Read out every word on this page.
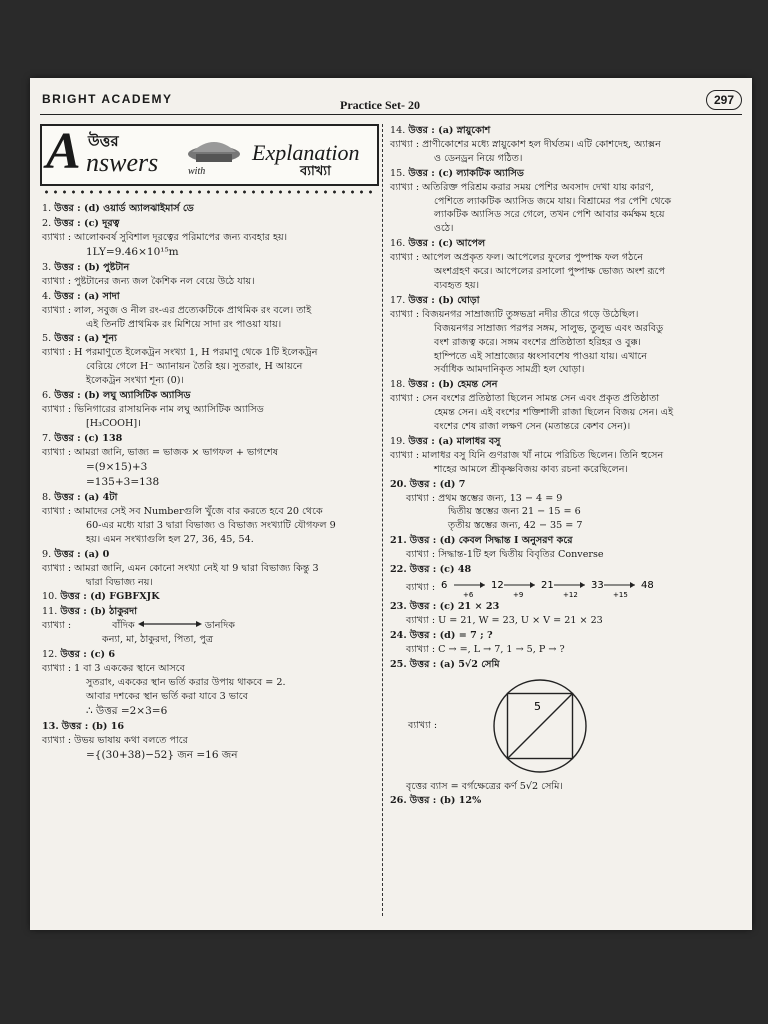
BRIGHT ACADEMY	Practice Set- 20	297
A উত্তর
nswers	with
Explanation
ব্যাখ্যা
1. উত্তর : (d) ওয়ার্ড অ্যালঝাইমার্স ডে
2. উত্তর : (c) দূরত্ব
ব্যাখ্যা : আলোকবর্ষ সুবিশাল দূরত্বের পরিমাপের জন্য ব্যবহার হয়।
1LY=9.46×10¹⁵m
3. উত্তর : (b) পুষ্টটান
ব্যাখ্যা : পুষ্টটানের জন্য জল কৈশিক নল বেয়ে উঠে যায়।
4. উত্তর : (a) সাদা
ব্যাখ্যা : লাল, সবুজ ও নীল রং-এর প্রত্যেকটিকে প্রাথমিক রং বলে। তাই
এই তিনটি প্রাথমিক রং মিশিয়ে সাদা রং পাওয়া যায়।
5. উত্তর : (a) শূন্য
ব্যাখ্যা : H পরমাণুতে ইলেকট্রন সংখ্যা 1, H পরমাণু থেকে 1টি ইলেকট্রন
বেরিয়ে গেলে H⁻ অ্যানায়ন তৈরি হয়। সুতরাং, H আয়নে
ইলেকট্রন সংখ্যা শূন্য (0)।
6. উত্তর : (b) লঘু অ্যাসিটিক অ্যাসিড
ব্যাখ্যা : ভিনিগারের রাসায়নিক নাম লঘু অ্যাসিটিক অ্যাসিড
[H₃COOH]।
7. উত্তর : (c) 138
ব্যাখ্যা : আমরা জানি, ভাজ্য = ভাজক × ভাগফল + ভাগশেষ
=(9×15)+3
=135+3=138
8. উত্তর : (a) 4টা
ব্যাখ্যা : আমাদের সেই সব Numberগুলি খুঁজে বার করতে হবে 20 থেকে
60-এর মধ্যে যারা 3 দ্বারা বিভাজ্য ও বিভাজ্য সংখ্যাটি যৌগফল 9
হয়। এমন সংখ্যাগুলি হল 27, 36, 45, 54.
9. উত্তর : (a) 0
ব্যাখ্যা : আমরা জানি, এমন কোনো সংখ্যা নেই যা 9 দ্বারা বিভাজ্য কিন্তু 3
দ্বারা বিভাজ্য নয়।
10. উত্তর : (d) FGBFXJK
11. উত্তর : (b) ঠাকুরদা
ব্যাখ্যা :	বাঁদিক	ডানদিক
কন্যা, মা, ঠাকুরদা, পিতা, পুত্র
12. উত্তর : (c) 6
ব্যাখ্যা : 1 বা 3 এককের স্থানে আসবে
সুতরাং, এককের স্থান ভর্তি করার উপায় থাকবে = 2.
আবার দশকের স্থান ভর্তি করা যাবে 3 ভাবে
∴ উত্তর =2×3=6
13. উত্তর : (b) 16
ব্যাখ্যা : উভয় ভাষায় কথা বলতে পারে
={(30+38)−52} জন =16 জন
14. উত্তর : (a) স্নায়ুকোশ
ব্যাখ্যা : প্রাণীকোশের মধ্যে স্নায়ুকোশ হল দীর্ঘতম। এটি কোশদেহ, অ্যাক্সন
ও ডেনড্রন নিয়ে গঠিত।
15. উত্তর : (c) ল্যাকটিক অ্যাসিড
ব্যাখ্যা : অতিরিক্ত পরিশ্রম করার সময় পেশির অবসাদ দেখা যায় কারণ,
পেশিতে ল্যাকটিক অ্যাসিড জমে যায়। বিশ্রামের পর পেশি থেকে
ল্যাকটিক অ্যাসিড সরে গেলে, তখন পেশি আবার কর্মক্ষম হয়ে
ওঠে।
16. উত্তর : (c) আপেল
ব্যাখ্যা : আপেল অপ্রকৃত ফল। আপেলের ফুলের পুষ্পাক্ষ ফল গঠনে
অংশগ্রহণ করে। আপেলের রসালো পুষ্পাক্ষ ভোজ্য অংশ রূপে
ব্যবহৃত হয়।
17. উত্তর : (b) ঘোড়া
ব্যাখ্যা : বিজয়নগর সাম্রাজ্যটি তুঙ্গভদ্রা নদীর তীরে গড়ে উঠেছিল।
বিজয়নগর সাম্রাজ্য পরপর সঙ্গম, সালুভ, তুলুভ এবং অরবিডু
বংশ রাজত্ব করে। সঙ্গম বংশের প্রতিষ্ঠাতা হরিহর ও বুক্ক।
হাম্পিতে এই সাম্রাজ্যের ধ্বংসাবশেষ পাওয়া যায়। এখানে
সর্বাধিক আমদানিকৃত সামগ্রী হল ঘোড়া।
18. উত্তর : (b) হেমন্ত সেন
ব্যাখ্যা : সেন বংশের প্রতিষ্ঠাতা ছিলেন সামন্ত সেন এবং প্রকৃত প্রতিষ্ঠাতা
হেমন্ত সেন। এই বংশের শক্তিশালী রাজা ছিলেন বিজয় সেন। এই
বংশের শেষ রাজা লক্ষণ সেন (মতান্তরে কেশব সেন)।
19. উত্তর : (a) মালাধর বসু
ব্যাখ্যা : মালাধর বসু যিনি গুণরাজ খাঁ নামে পরিচিত ছিলেন। তিনি হুসেন
শাহের আমলে শ্রীকৃষ্ণবিজয় কাব্য রচনা করেছিলেন।
20. উত্তর : (d) 7
ব্যাখ্যা : প্রথম স্তম্ভের জন্য, 13 − 4 = 9
দ্বিতীয় স্তম্ভের জন্য 21 − 15 = 6
তৃতীয় স্তম্ভের জন্য, 42 − 35 = 7
21. উত্তর : (d) কেবল সিদ্ধান্ত I অনুসরণ করে
ব্যাখ্যা : সিদ্ধান্ত-1টি হল দ্বিতীয় বিবৃতির Converse
22. উত্তর : (c) 48
ব্যাখ্যা : 6
+6
12
+9
21
+12
33
+15
48
23. উত্তর : (c) 21 × 23
ব্যাখ্যা : U = 21, W = 23, U × V = 21 × 23
24. উত্তর : (d) = 7 ; ?
ব্যাখ্যা : C → =, L → 7, 1 → 5, P → ?
25. উত্তর : (a) 5√2 সেমি
ব্যাখ্যা :
5
বৃত্তের ব্যাস = বর্গক্ষেত্রের কর্ণ 5√2 সেমি।
26. উত্তর : (b) 12%
